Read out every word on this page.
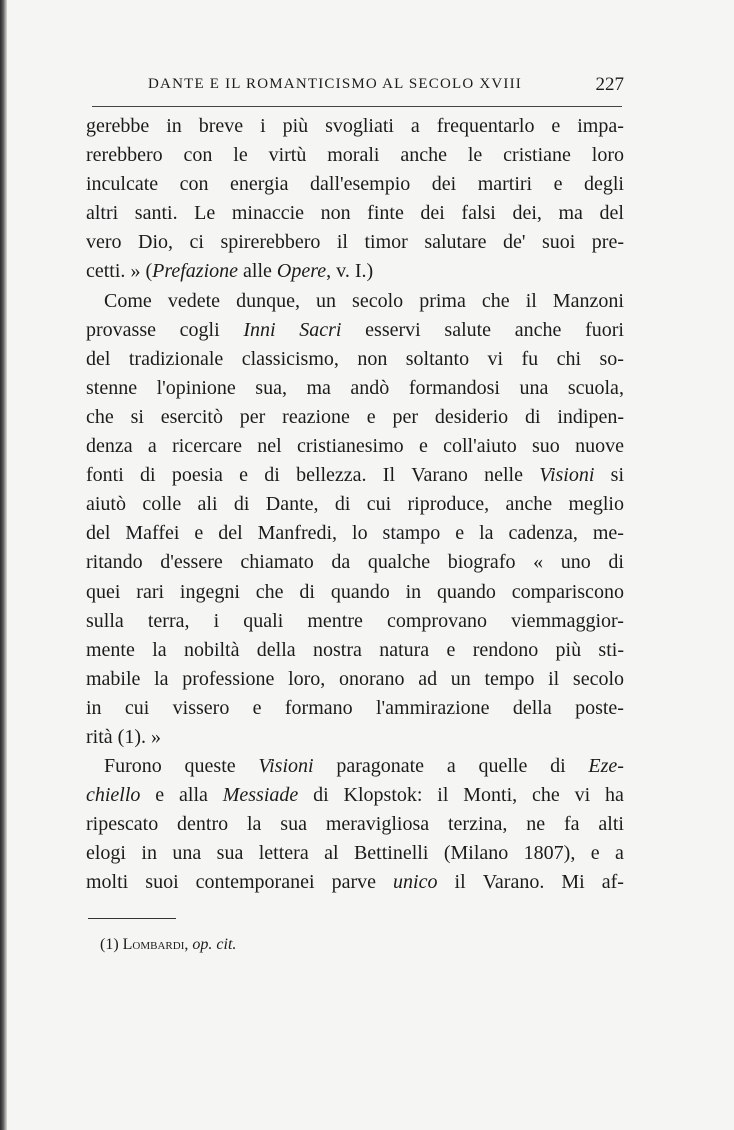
DANTE E IL ROMANTICISMO AL SECOLO XVIII	227
gerebbe in breve i più svogliati a frequentarlo e impa-
rerebbero con le virtù morali anche le cristiane loro
inculcate con energia dall'esempio dei martiri e degli
altri santi. Le minaccie non finte dei falsi dei, ma del
vero Dio, ci spirerebbero il timor salutare de' suoi pre-
cetti.
»
(Prefazione
alle
Opere,
v.
I.)
Come vedete dunque, un secolo prima che il Manzoni
provasse cogli Inni Sacri esservi salute anche fuori
del tradizionale classicismo, non soltanto vi fu chi so-
stenne l'opinione sua, ma andò formandosi una scuola,
che si esercitò per reazione e per desiderio di indipen-
denza a ricercare nel cristianesimo e coll'aiuto suo nuove
fonti di poesia e di bellezza. Il Varano nelle Visioni si
aiutò colle ali di Dante, di cui riproduce, anche meglio
del Maffei e del Manfredi, lo stampo e la cadenza, me-
ritando d'essere chiamato da qualche biografo « uno di
quei rari ingegni che di quando in quando compariscono
sulla terra, i quali mentre comprovano viemmaggior-
mente la nobiltà della nostra natura e rendono più sti-
mabile la professione loro, onorano ad un tempo il secolo
in cui vissero e formano l'ammirazione della poste-
rità
(1).
»
Furono queste Visioni paragonate a quelle di Eze-
chiello e alla Messiade di Klopstok: il Monti, che vi ha
ripescato dentro la sua meravigliosa terzina, ne fa alti
elogi in una sua lettera al Bettinelli (Milano 1807), e a
molti suoi contemporanei parve unico il Varano. Mi af-
(1) Lombardi, op. cit.
